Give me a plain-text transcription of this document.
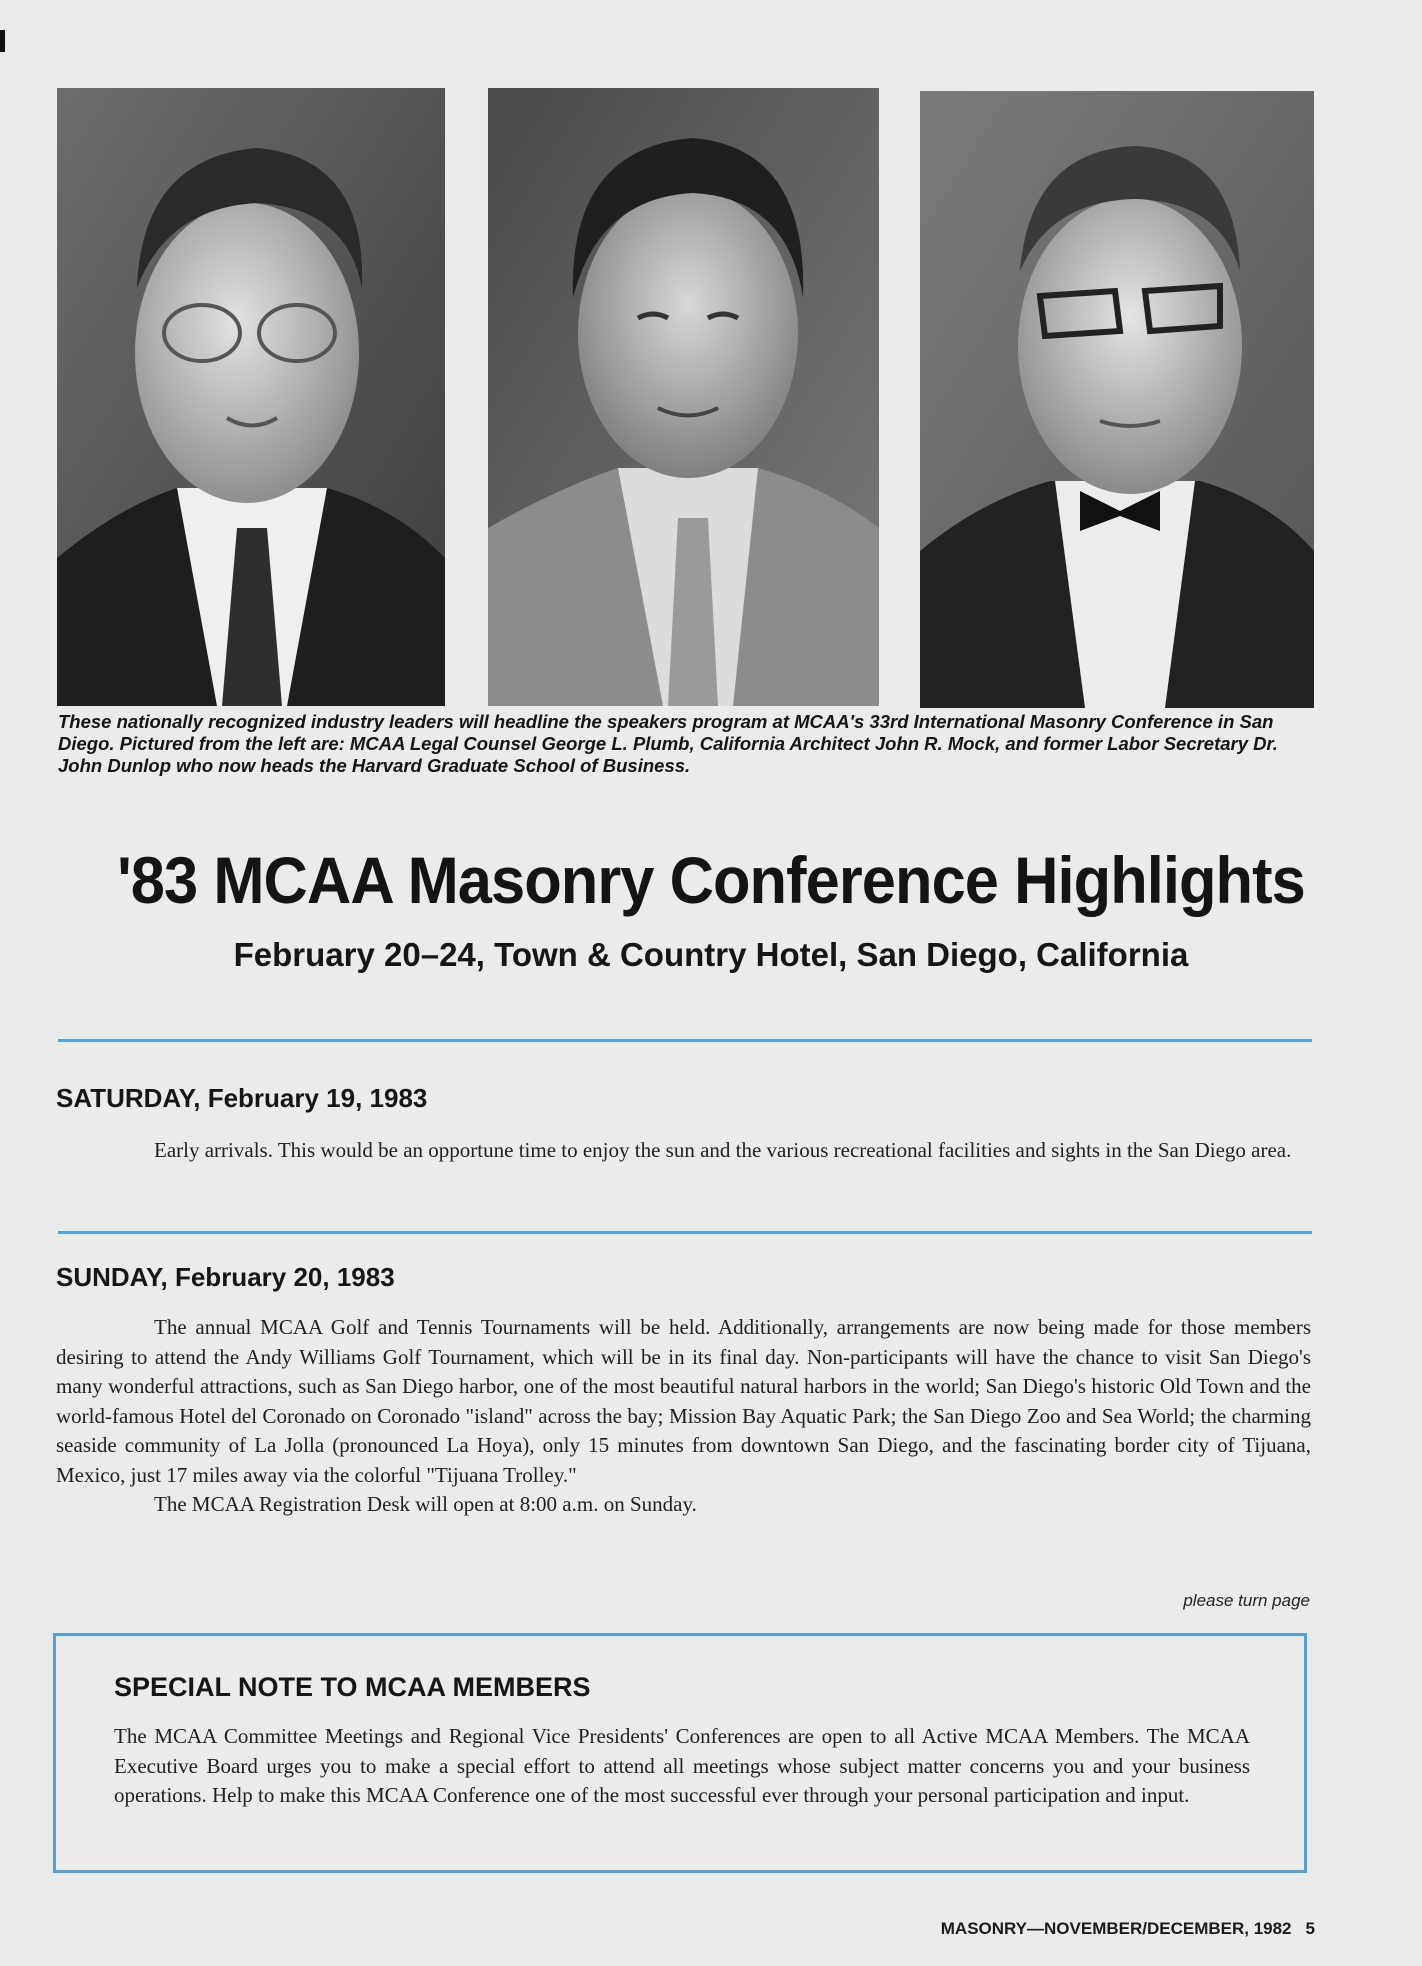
These nationally recognized industry leaders will headline the speakers program at MCAA's 33rd International Masonry Conference in San Diego. Pictured from the left are: MCAA Legal Counsel George L. Plumb, California Architect John R. Mock, and former Labor Secretary Dr. John Dunlop who now heads the Harvard Graduate School of Business.
'83 MCAA Masonry Conference Highlights
February 20–24, Town & Country Hotel, San Diego, California
SATURDAY, February 19, 1983

Early arrivals. This would be an opportune time to enjoy the sun and the various recreational facilities and sights in the San Diego area.

SUNDAY, February 20, 1983

The annual MCAA Golf and Tennis Tournaments will be held. Additionally, arrangements are now being made for those members desiring to attend the Andy Williams Golf Tournament, which will be in its final day. Non-participants will have the chance to visit San Diego's many wonderful attractions, such as San Diego harbor, one of the most beautiful natural harbors in the world; San Diego's historic Old Town and the world-famous Hotel del Coronado on Coronado "island" across the bay; Mission Bay Aquatic Park; the San Diego Zoo and Sea World; the charming seaside community of La Jolla (pronounced La Hoya), only 15 minutes from downtown San Diego, and the fascinating border city of Tijuana, Mexico, just 17 miles away via the colorful "Tijuana Trolley."

The MCAA Registration Desk will open at 8:00 a.m. on Sunday.

please turn page
SPECIAL NOTE TO MCAA MEMBERS
The MCAA Committee Meetings and Regional Vice Presidents' Conferences are open to all Active MCAA Members. The MCAA Executive Board urges you to make a special effort to attend all meetings whose subject matter concerns you and your business operations. Help to make this MCAA Conference one of the most successful ever through your personal participation and input.
MASONRY—NOVEMBER/DECEMBER, 1982 5
